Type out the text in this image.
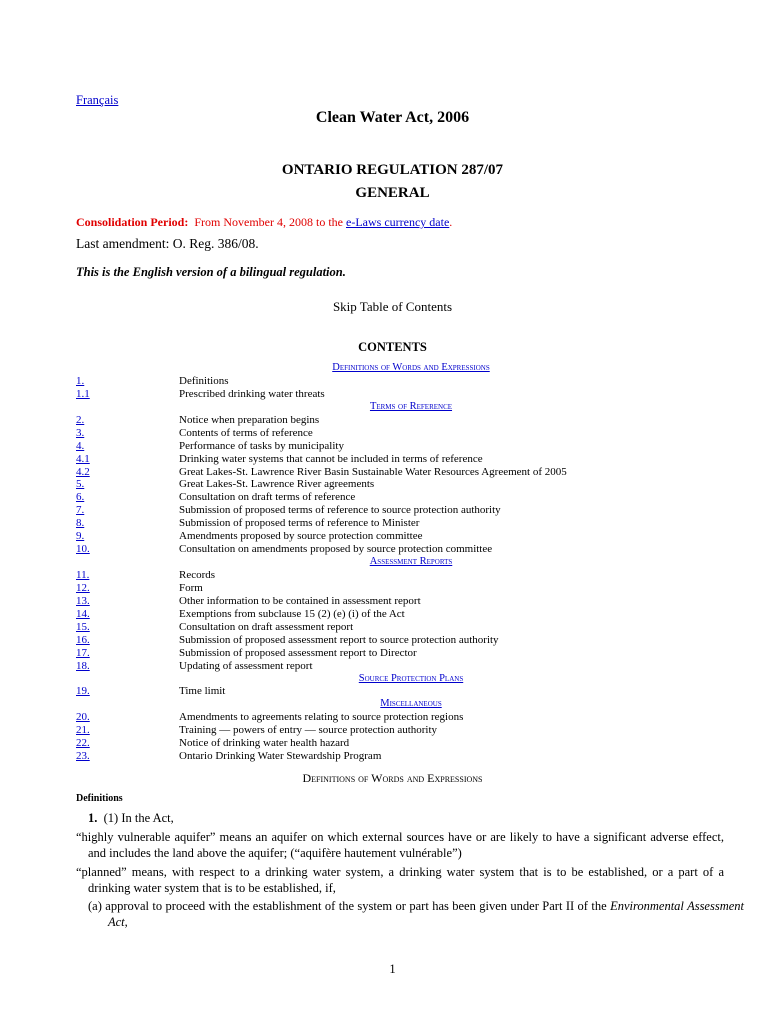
Français
Clean Water Act, 2006
ONTARIO REGULATION 287/07
GENERAL
Consolidation Period: From November 4, 2008 to the e-Laws currency date.
Last amendment: O. Reg. 386/08.
This is the English version of a bilingual regulation.
Skip Table of Contents
CONTENTS
Definitions of Words and Expressions
1.	Definitions
1.1	Prescribed drinking water threats
Terms of Reference
2.	Notice when preparation begins
3.	Contents of terms of reference
4.	Performance of tasks by municipality
4.1	Drinking water systems that cannot be included in terms of reference
4.2	Great Lakes-St. Lawrence River Basin Sustainable Water Resources Agreement of 2005
5.	Great Lakes-St. Lawrence River agreements
6.	Consultation on draft terms of reference
7.	Submission of proposed terms of reference to source protection authority
8.	Submission of proposed terms of reference to Minister
9.	Amendments proposed by source protection committee
10.	Consultation on amendments proposed by source protection committee
Assessment Reports
11.	Records
12.	Form
13.	Other information to be contained in assessment report
14.	Exemptions from subclause 15 (2) (e) (i) of the Act
15.	Consultation on draft assessment report
16.	Submission of proposed assessment report to source protection authority
17.	Submission of proposed assessment report to Director
18.	Updating of assessment report
Source Protection Plans
19.	Time limit
Miscellaneous
20.	Amendments to agreements relating to source protection regions
21.	Training — powers of entry — source protection authority
22.	Notice of drinking water health hazard
23.	Ontario Drinking Water Stewardship Program
Definitions of Words and Expressions
Definitions
1. (1) In the Act,
“highly vulnerable aquifer” means an aquifer on which external sources have or are likely to have a significant adverse effect, and includes the land above the aquifer; (“aquifère hautement vulnérable”)
“planned” means, with respect to a drinking water system, a drinking water system that is to be established, or a part of a drinking water system that is to be established, if,
(a) approval to proceed with the establishment of the system or part has been given under Part II of the Environmental Assessment Act,
1
